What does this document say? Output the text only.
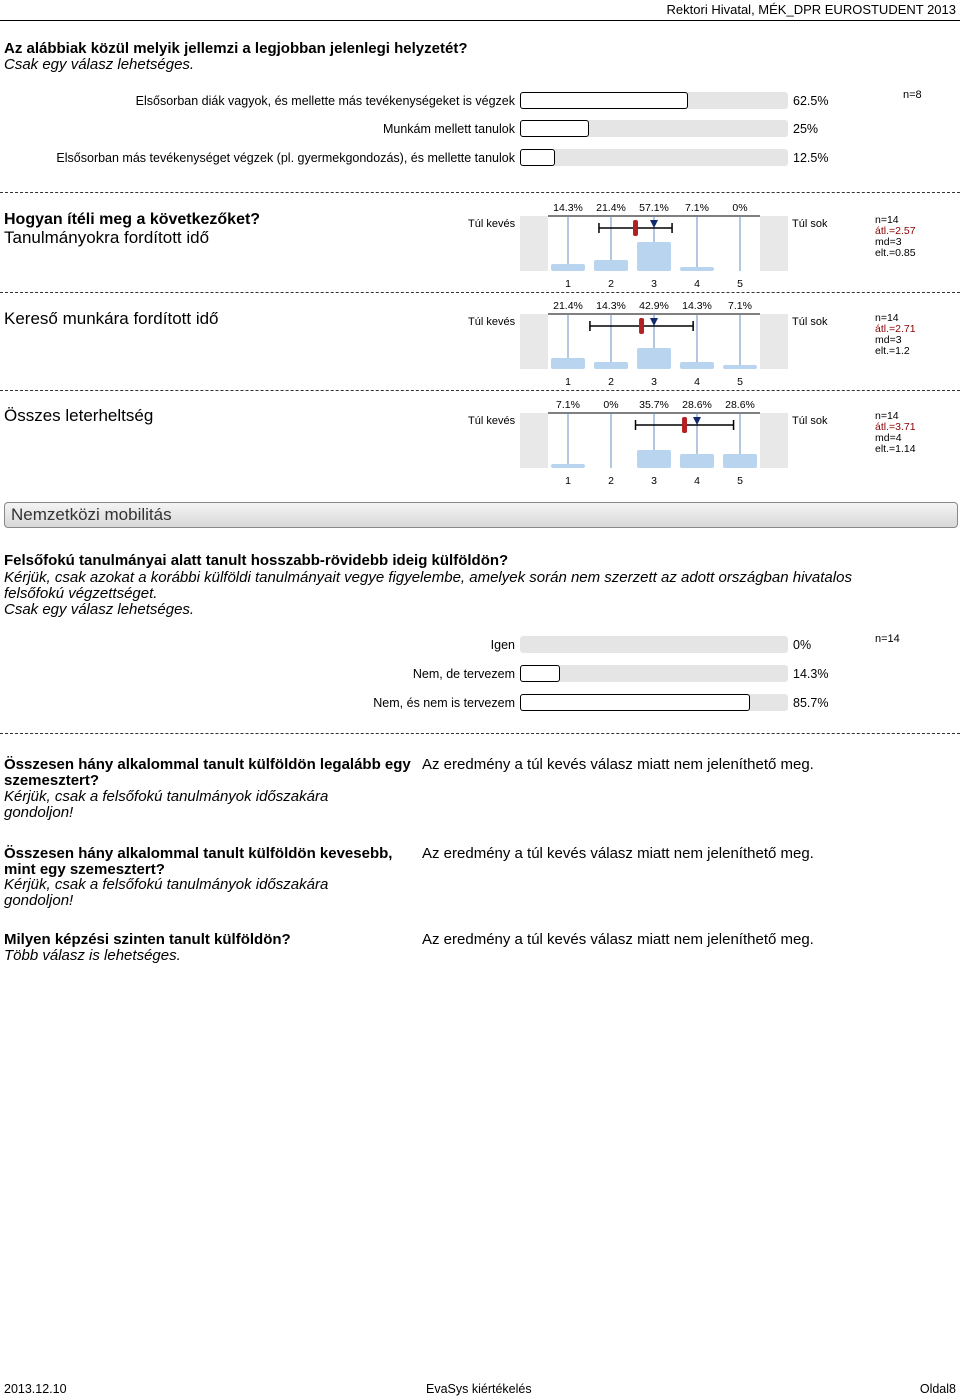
Rektori Hivatal, MÉK_DPR EUROSTUDENT 2013
Az alábbiak közül melyik jellemzi a legjobban jelenlegi helyzetét?
Csak egy válasz lehetséges.
n=8
Elsősorban diák vagyok, és mellette más tevékenységeket is végzek	62.5%
Munkám mellett tanulok	25%
Elsősorban más tevékenységet végzek (pl. gyermekgondozás), és mellette tanulok	12.5%
Hogyan ítéli meg a következőket?
Tanulmányokra fordított idő
Túl kevés	Túl sok
14.3%
1
21.4%
2
57.1%
3
7.1%
4
0%
5
n=14
átl.=2.57
md=3
elt.=0.85
Kereső munkára fordított idő	Túl kevés	Túl sok
21.4%
1
14.3%
2
42.9%
3
14.3%
4
7.1%
5
n=14
átl.=2.71
md=3
elt.=1.2
Összes leterheltség	Túl kevés	Túl sok
7.1%
1
0%
2
35.7%
3
28.6%
4
28.6%
5
n=14
átl.=3.71
md=4
elt.=1.14
Nemzetközi mobilitás
Felsőfokú tanulmányai alatt tanult hosszabb-rövidebb ideig külföldön?
Kérjük, csak azokat a korábbi külföldi tanulmányait vegye figyelembe, amelyek során nem szerzett az adott országban hivatalos
felsőfokú végzettséget.
Csak egy válasz lehetséges.
n=14
Igen	0%
Nem, de tervezem	14.3%
Nem, és nem is tervezem	85.7%
Összesen hány alkalommal tanult külföldön legalább egy
szemesztert?
Kérjük, csak a felsőfokú tanulmányok időszakára
gondoljon!
Az eredmény a túl kevés válasz miatt nem jeleníthető meg.
Összesen hány alkalommal tanult külföldön kevesebb,
mint egy szemesztert?
Kérjük, csak a felsőfokú tanulmányok időszakára
gondoljon!
Az eredmény a túl kevés válasz miatt nem jeleníthető meg.
Milyen képzési szinten tanult külföldön?
Több válasz is lehetséges.
Az eredmény a túl kevés válasz miatt nem jeleníthető meg.
2013.12.10	EvaSys kiértékelés	Oldal8
